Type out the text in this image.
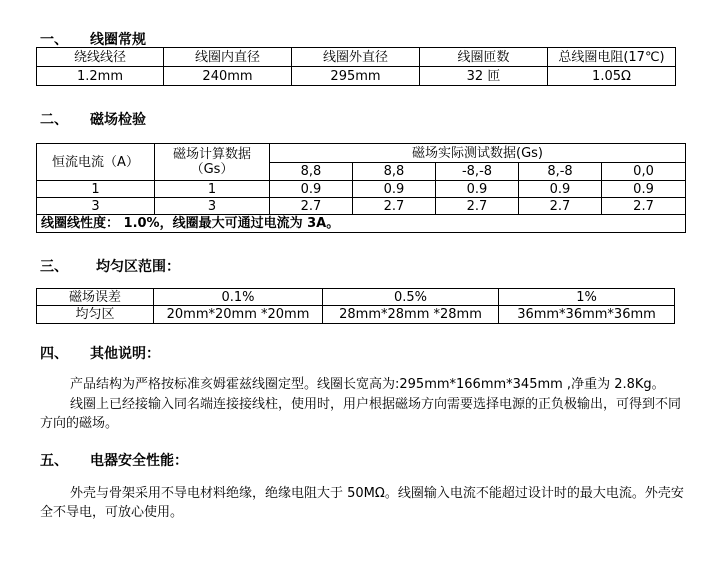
一、 线圈常规
绕线线径	线圈内直径	线圈外直径	线圈匝数	总线圈电阻(17℃)
1.2mm	240mm	295mm	32 匝	1.05Ω
二、 磁场检验
恒流电流（A）	磁场计算数据（Gs）	磁场实际测试数据(Gs)				
		8,8	8,8	-8,-8	8,-8	0,0
1	1	0.9	0.9	0.9	0.9	0.9
3	3	2.7	2.7	2.7	2.7	2.7
线圈线性度： 1.0%，线圈最大可通过电流为 3A。						
三、 均匀区范围：
磁场误差	0.1%	0.5%	1%
均匀区	20mm*20mm *20mm	28mm*28mm *28mm	36mm*36mm*36mm
四、 其他说明：

产品结构为严格按标准亥姆霍兹线圈定型。线圈长宽高为:295mm*166mm*345mm ,净重为 2.8Kg。

线圈上已经接输入同名端连接接线柱，使用时，用户根据磁场方向需要选择电源的正负极输出，可得到不同方向的磁场。

五、 电器安全性能：

外壳与骨架采用不导电材料绝缘，绝缘电阻大于 50MΩ。线圈输入电流不能超过设计时的最大电流。外壳安全不导电，可放心使用。
